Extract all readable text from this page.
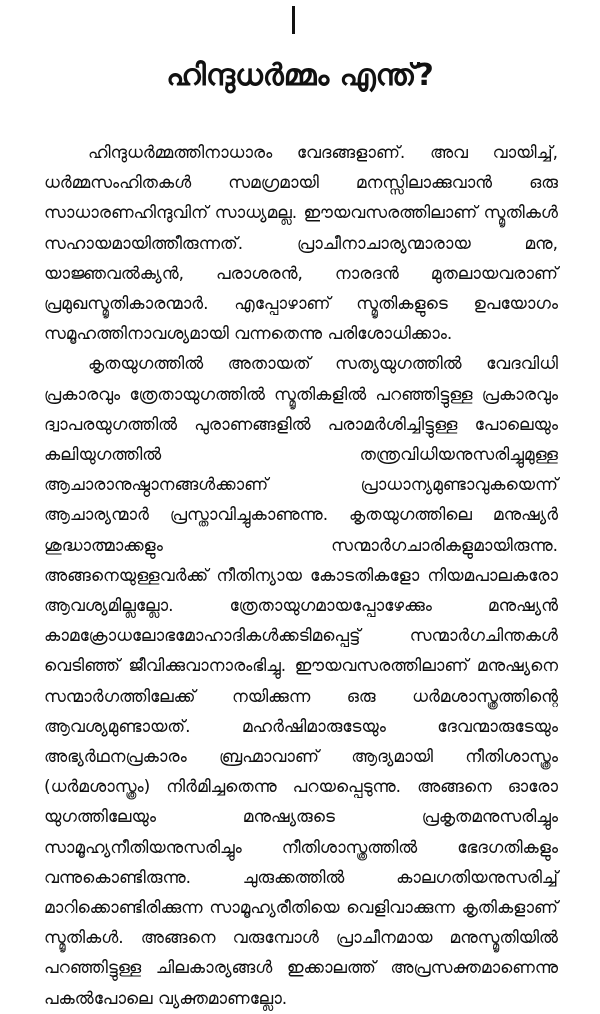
ഹിന്ദുധർമ്മം എന്ത്?

ഹിന്ദുധർമ്മത്തിനാധാരം വേദങ്ങളാണ്. അവ വായിച്ച്, ധർമ്മസംഹിതകൾ സമഗ്രമായി മനസ്സിലാക്കുവാൻ ഒരു സാധാരണഹിന്ദുവിന് സാധ്യമല്ല. ഈയവസരത്തിലാണ് സ്മൃതികൾ സഹായമായിത്തീരുന്നത്. പ്രാചീനാചാര്യന്മാരായ മനു, യാജ്ഞവൽക്യൻ, പരാശരൻ, നാരദൻ മുതലായവരാണ് പ്രമുഖസ്മൃതികാരന്മാർ. എപ്പോഴാണ് സ്മൃതികളുടെ ഉപയോഗം സമൂഹത്തിനാവശ്യമായി വന്നതെന്നു പരിശോധിക്കാം.

കൃതയുഗത്തിൽ അതായത് സത്യയുഗത്തിൽ വേദവിധി പ്രകാരവും ത്രേതായുഗത്തിൽ സ്മൃതികളിൽ പറഞ്ഞിട്ടുള്ള പ്രകാരവും ദ്വാപരയുഗത്തിൽ പുരാണങ്ങളിൽ പരാമർശിച്ചിട്ടുള്ള പോലെയും കലിയുഗത്തിൽ തന്ത്രവിധിയനുസരിച്ചുമുള്ള ആചാരാനുഷ്ഠാനങ്ങൾക്കാണ് പ്രാധാന്യമുണ്ടാവുകയെന്ന് ആചാര്യന്മാർ പ്രസ്താവിച്ചുകാണുന്നു. കൃതയുഗത്തിലെ മനുഷ്യർ ശുദ്ധാത്മാക്കളും സന്മാർഗചാരികളുമായിരുന്നു. അങ്ങനെയുള്ളവർക്ക് നീതിന്യായ കോടതികളോ നിയമപാലകരോ ആവശ്യമില്ലല്ലോ. ത്രേതായുഗമായപ്പോഴേക്കും മനുഷ്യൻ കാമക്രോധലോഭമോഹാദികൾക്കടിമപ്പെട്ട് സന്മാർഗചിന്തകൾ വെടിഞ്ഞ് ജീവിക്കുവാനാരംഭിച്ചു. ഈയവസരത്തിലാണ് മനുഷ്യനെ സന്മാർഗത്തിലേക്ക് നയിക്കുന്ന ഒരു ധർമശാസ്ത്രത്തിന്റെ ആവശ്യമുണ്ടായത്. മഹർഷിമാരുടേയും ദേവന്മാരുടേയും അഭ്യർഥനപ്രകാരം ബ്രഹ്മാവാണ് ആദ്യമായി നീതിശാസ്ത്രം (ധർമശാസ്ത്രം) നിർമിച്ചതെന്നു പറയപ്പെടുന്നു. അങ്ങനെ ഓരോ യുഗത്തിലേയും മനുഷ്യരുടെ പ്രകൃതമനുസരിച്ചും സാമൂഹ്യനീതിയനുസരിച്ചും നീതിശാസ്ത്രത്തിൽ ഭേദഗതികളും വന്നുകൊണ്ടിരുന്നു. ചുരുക്കത്തിൽ കാലഗതിയനുസരിച്ച് മാറിക്കൊണ്ടിരിക്കുന്ന സാമൂഹ്യരീതിയെ വെളിവാക്കുന്ന കൃതികളാണ് സ്മൃതികൾ. അങ്ങനെ വരുമ്പോൾ പ്രാചീനമായ മനുസ്മൃതിയിൽ പറഞ്ഞിട്ടുള്ള ചിലകാര്യങ്ങൾ ഇക്കാലത്ത് അപ്രസക്തമാണെന്നു പകൽപോലെ വ്യക്തമാണല്ലോ.
